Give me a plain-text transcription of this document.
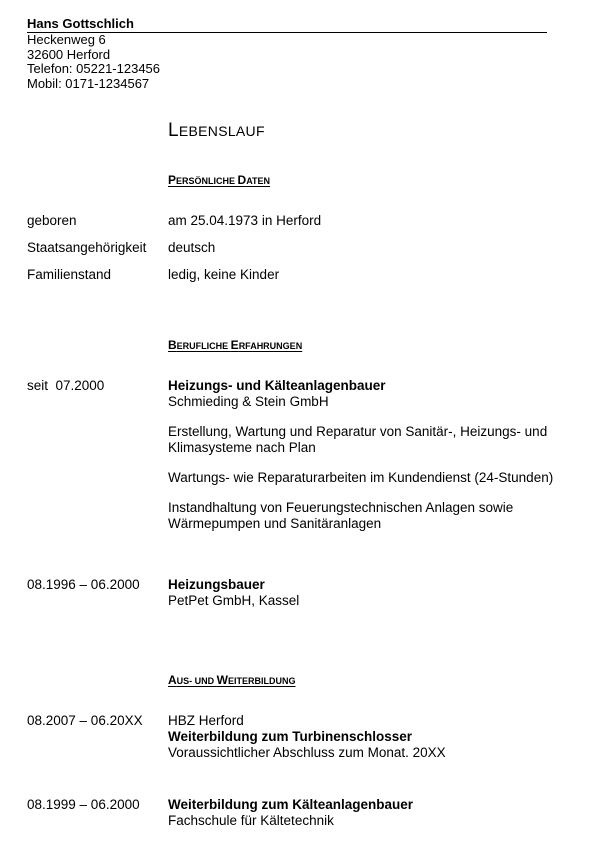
Hans Gottschlich
Heckenweg 6
32600 Herford
Telefon: 05221-123456
Mobil: 0171-1234567
LEBENSLAUF
PERSÖNLICHE DATEN
geboren	am 25.04.1973 in Herford
Staatsangehörigkeit deutsch
Familienstand	ledig, keine Kinder
BERUFLICHE ERFAHRUNGEN
seit  07.2000	Heizungs- und Kälteanlagenbauer
Schmieding & Stein GmbH
Erstellung, Wartung und Reparatur von Sanitär-, Heizungs- und Klimasysteme nach Plan
Wartungs- wie Reparaturarbeiten im Kundendienst (24-Stunden)
Instandhaltung von Feuerungstechnischen Anlagen sowie Wärmepumpen und Sanitäranlagen
08.1996 – 06.2000 Heizungsbauer
PetPet GmbH, Kassel
AUS- UND WEITERBILDUNG
08.2007 – 06.20XX HBZ Herford
Weiterbildung zum Turbinenschlosser
Voraussichtlicher Abschluss zum Monat. 20XX
08.1999 – 06.2000 Weiterbildung zum Kälteanlagenbauer
Fachschule für Kältetechnik
